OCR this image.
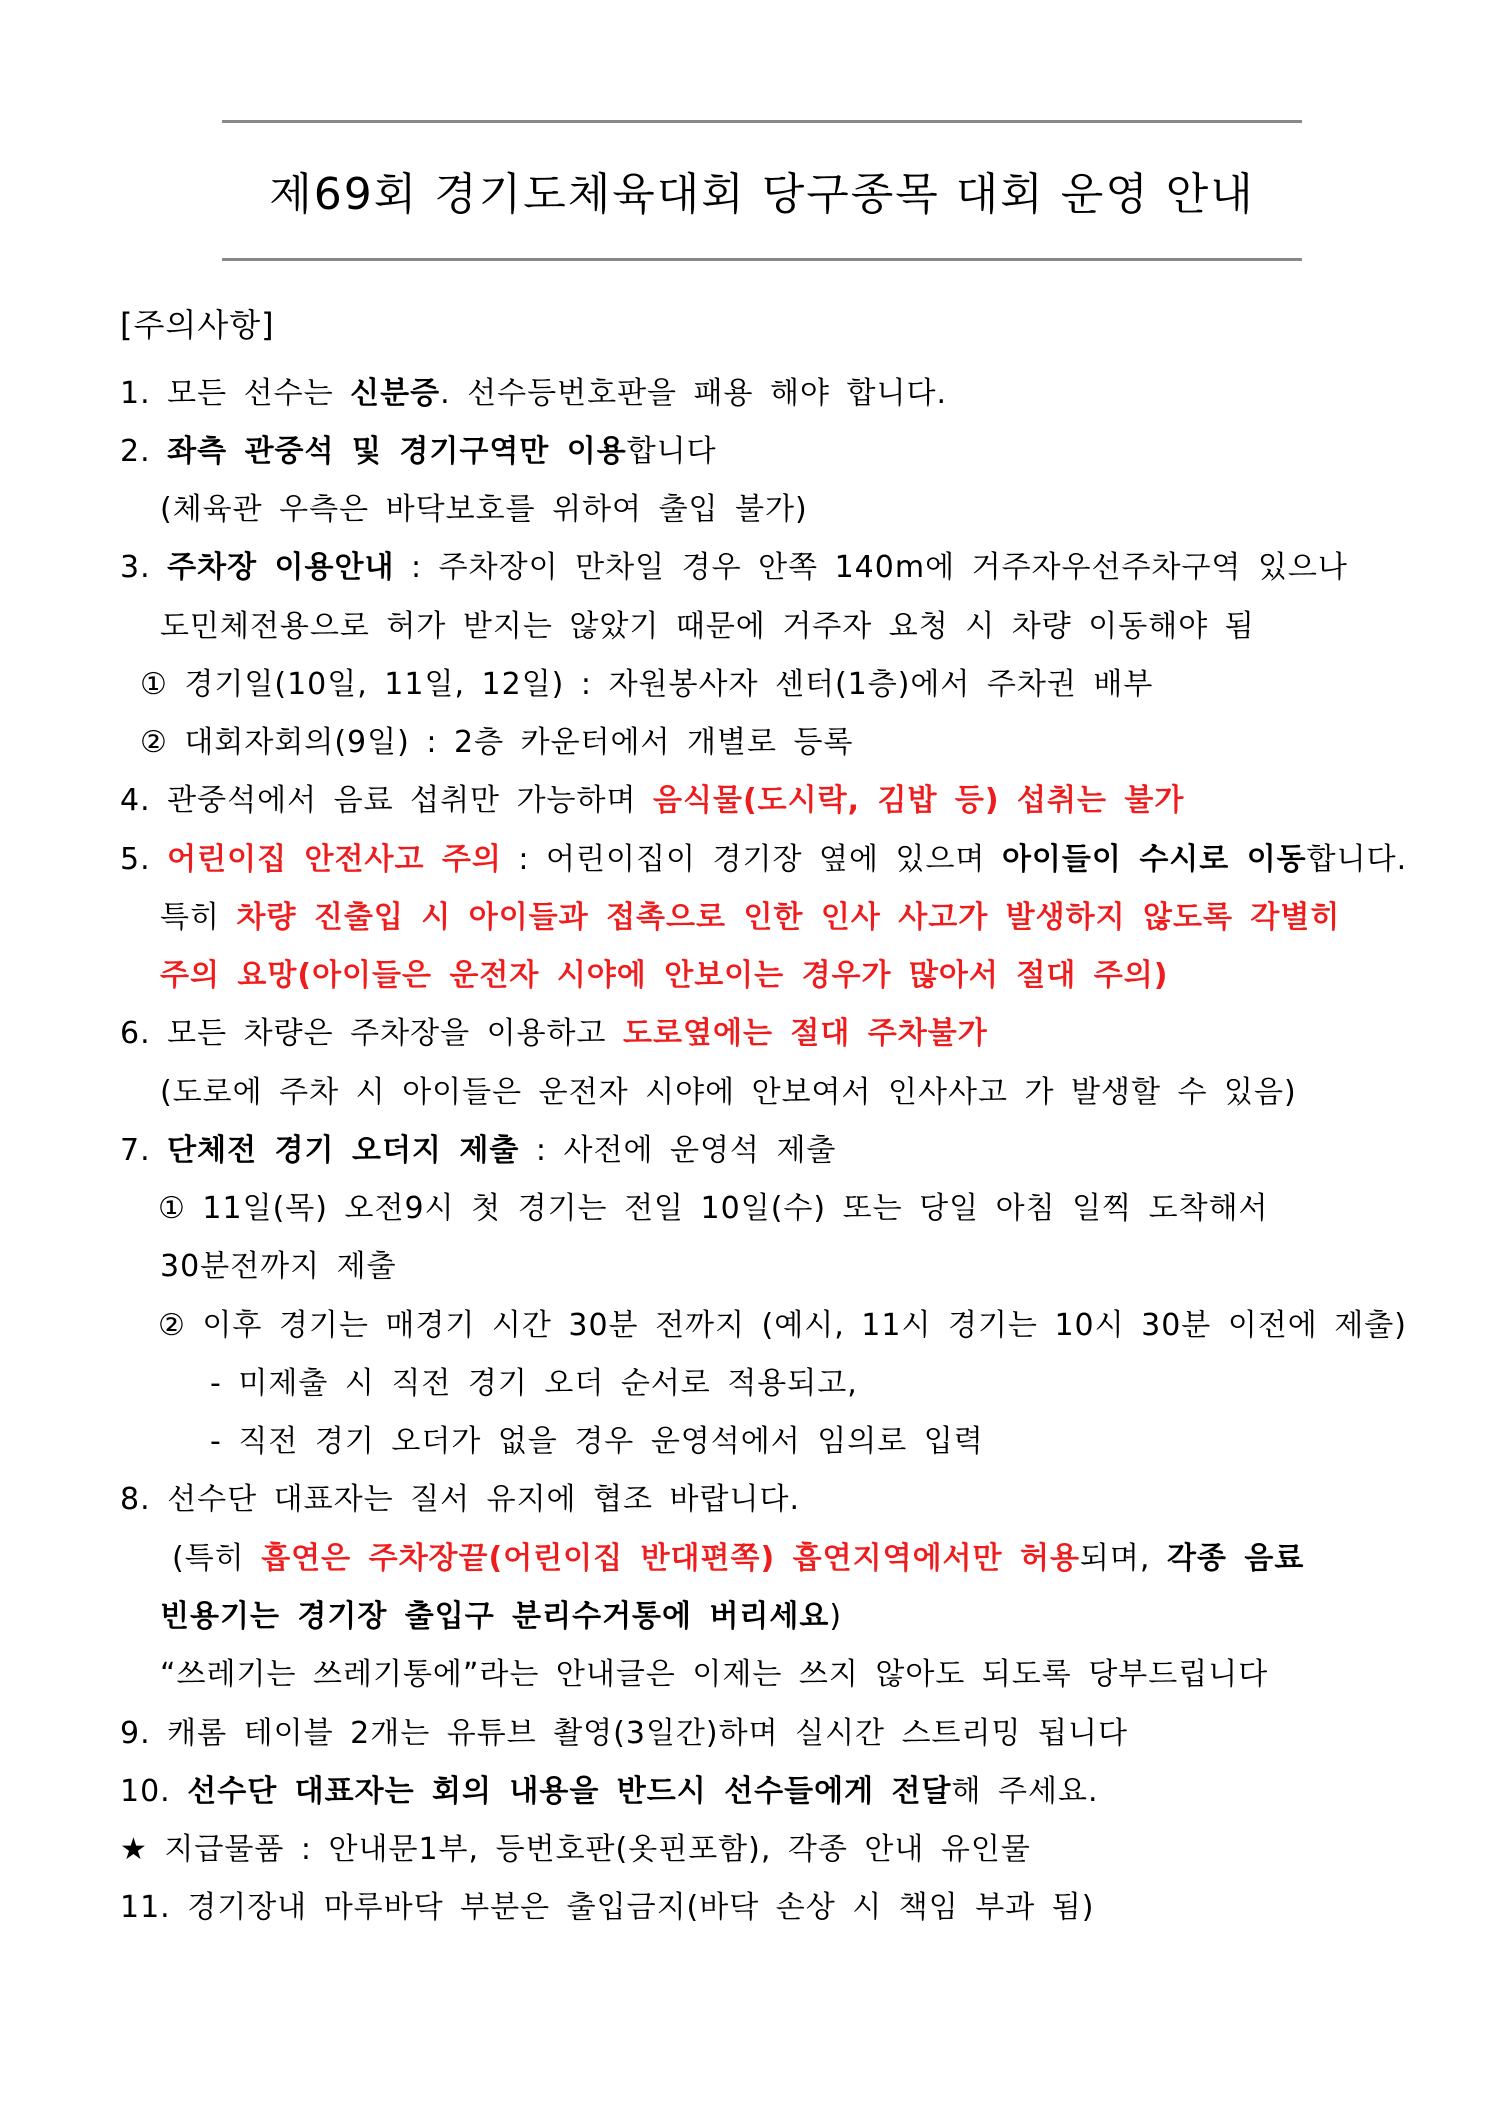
제69회 경기도체육대회 당구종목 대회 운영 안내
[주의사항]
1. 모든 선수는 신분증. 선수등번호판을 패용 해야 합니다.
2. 좌측 관중석 및 경기구역만 이용합니다
(체육관 우측은 바닥보호를 위하여 출입 불가)
3. 주차장 이용안내 : 주차장이 만차일 경우 안쪽 140m에 거주자우선주차구역 있으나
도민체전용으로 허가 받지는 않았기 때문에 거주자 요청 시 차량 이동해야 됨
① 경기일(10일, 11일, 12일) : 자원봉사자 센터(1층)에서 주차권 배부
② 대회자회의(9일) : 2층 카운터에서 개별로 등록
4. 관중석에서 음료 섭취만 가능하며 음식물(도시락, 김밥 등) 섭취는 불가
5. 어린이집 안전사고 주의 : 어린이집이 경기장 옆에 있으며 아이들이 수시로 이동합니다.
특히 차량 진출입 시 아이들과 접촉으로 인한 인사 사고가 발생하지 않도록 각별히
주의 요망(아이들은 운전자 시야에 안보이는 경우가 많아서 절대 주의)
6. 모든 차량은 주차장을 이용하고 도로옆에는 절대 주차불가
(도로에 주차 시 아이들은 운전자 시야에 안보여서 인사사고 가 발생할 수 있음)
7. 단체전 경기 오더지 제출 : 사전에 운영석 제출
① 11일(목) 오전9시 첫 경기는 전일 10일(수) 또는 당일 아침 일찍 도착해서
30분전까지 제출
② 이후 경기는 매경기 시간 30분 전까지 (예시, 11시 경기는 10시 30분 이전에 제출)
- 미제출 시 직전 경기 오더 순서로 적용되고,
- 직전 경기 오더가 없을 경우 운영석에서 임의로 입력
8. 선수단 대표자는 질서 유지에 협조 바랍니다.
(특히 흡연은 주차장끝(어린이집 반대편쪽) 흡연지역에서만 허용되며, 각종 음료
빈용기는 경기장 출입구 분리수거통에 버리세요)
“쓰레기는 쓰레기통에”라는 안내글은 이제는 쓰지 않아도 되도록 당부드립니다
9. 캐롬 테이블 2개는 유튜브 촬영(3일간)하며 실시간 스트리밍 됩니다
10. 선수단 대표자는 회의 내용을 반드시 선수들에게 전달해 주세요.
★ 지급물품 : 안내문1부, 등번호판(옷핀포함), 각종 안내 유인물
11. 경기장내 마루바닥 부분은 출입금지(바닥 손상 시 책임 부과 됨)
